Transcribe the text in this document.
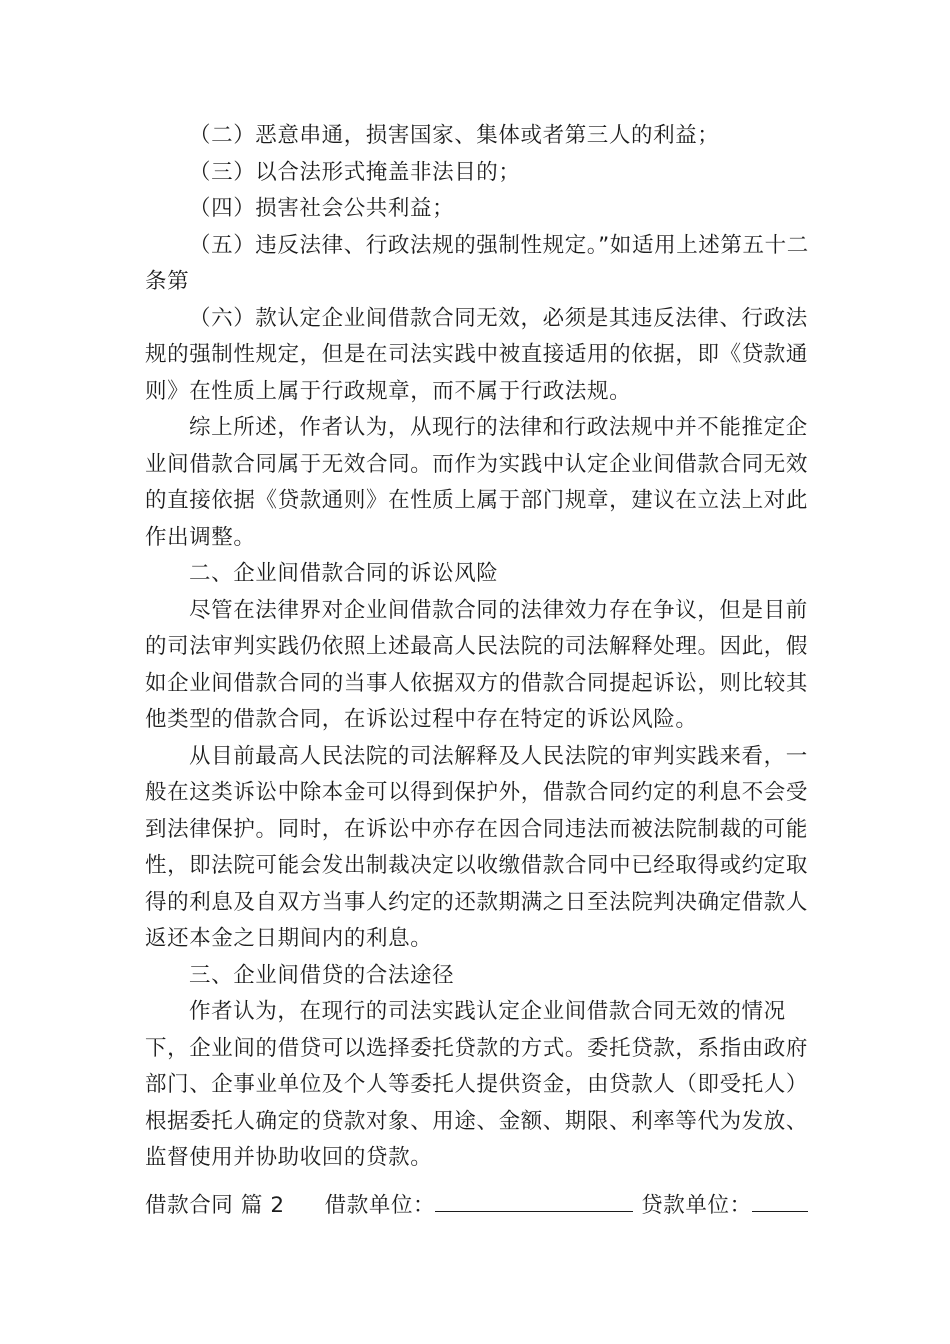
（二）恶意串通，损害国家、集体或者第三人的利益；

（三）以合法形式掩盖非法目的；

（四）损害社会公共利益；

（五）违反法律、行政法规的强制性规定。”如适用上述第五十二条第

（六）款认定企业间借款合同无效，必须是其违反法律、行政法规的强制性规定，但是在司法实践中被直接适用的依据，即《贷款通则》在性质上属于行政规章，而不属于行政法规。

综上所述，作者认为，从现行的法律和行政法规中并不能推定企业间借款合同属于无效合同。而作为实践中认定企业间借款合同无效的直接依据《贷款通则》在性质上属于部门规章，建议在立法上对此作出调整。

二、企业间借款合同的诉讼风险

尽管在法律界对企业间借款合同的法律效力存在争议，但是目前的司法审判实践仍依照上述最高人民法院的司法解释处理。因此，假如企业间借款合同的当事人依据双方的借款合同提起诉讼，则比较其他类型的借款合同，在诉讼过程中存在特定的诉讼风险。

从目前最高人民法院的司法解释及人民法院的审判实践来看，一般在这类诉讼中除本金可以得到保护外，借款合同约定的利息不会受到法律保护。同时，在诉讼中亦存在因合同违法而被法院制裁的可能性，即法院可能会发出制裁决定以收缴借款合同中已经取得或约定取得的利息及自双方当事人约定的还款期满之日至法院判决确定借款人返还本金之日期间内的利息。

三、企业间借贷的合法途径

作者认为，在现行的司法实践认定企业间借款合同无效的情况下，企业间的借贷可以选择委托贷款的方式。委托贷款，系指由政府部门、企事业单位及个人等委托人提供资金，由贷款人（即受托人）根据委托人确定的贷款对象、用途、金额、期限、利率等代为发放、监督使用并协助收回的贷款。

借款合同 篇 2 借款单位：	贷款单位：
